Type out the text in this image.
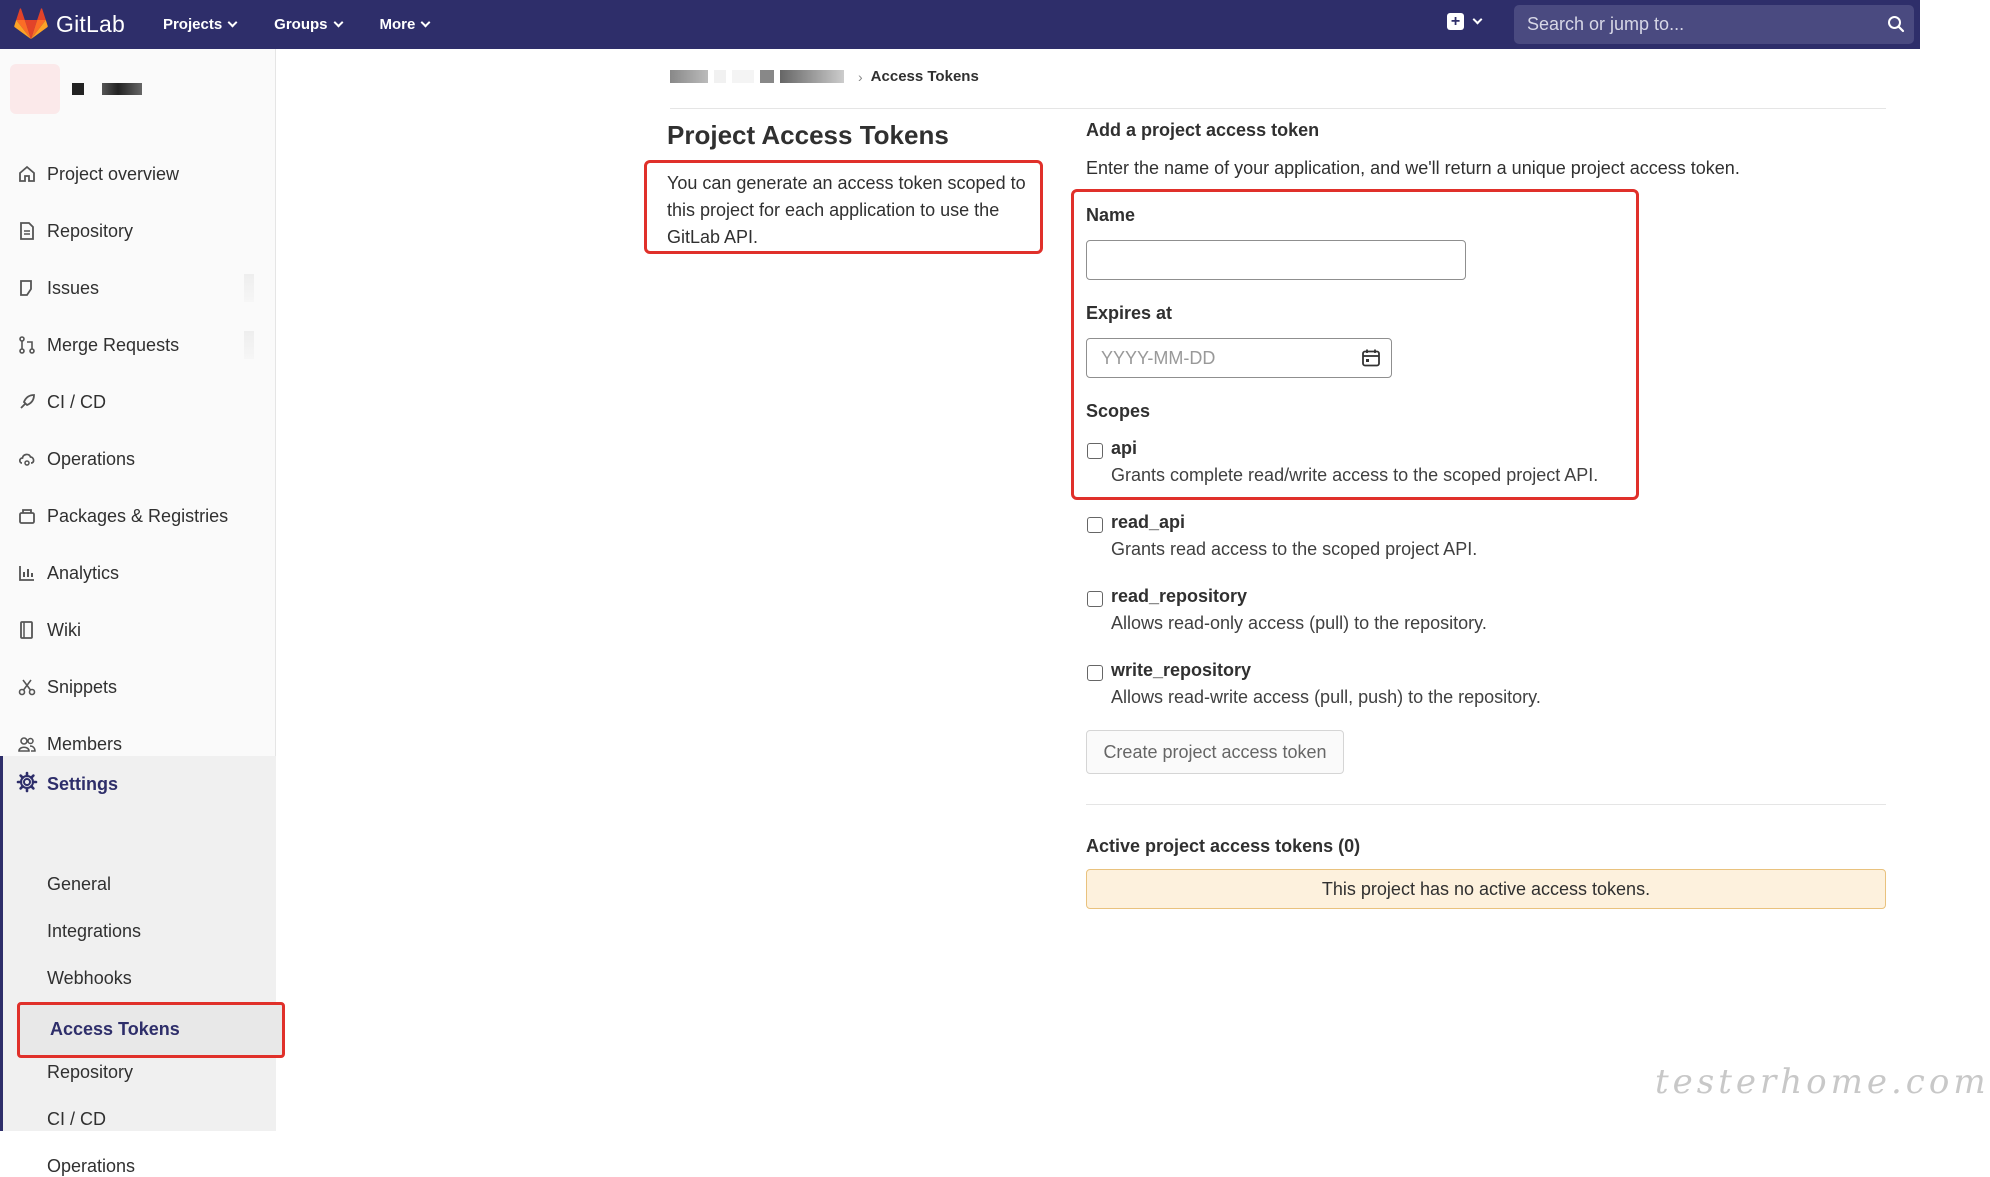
GitLab	Projects	Groups	More	+
Search or jump to...
Project overview
Repository
Issues
Merge Requests
CI / CD
Operations
Packages & Registries
Analytics
Wiki
Snippets
Members
Settings
General
Integrations
Webhooks
Access Tokens
Repository
CI / CD
Operations
› Access Tokens
Project Access Tokens
You can generate an access token scoped to this project for each application to use the GitLab API.
Add a project access token
Enter the name of your application, and we'll return a unique project access token.
Name
Expires at
YYYY-MM-DD
Scopes
api
Grants complete read/write access to the scoped project API.
read_api
Grants read access to the scoped project API.
read_repository
Allows read-only access (pull) to the repository.
write_repository
Allows read-write access (pull, push) to the repository.
Create project access token
Active project access tokens (0)
This project has no active access tokens.
testerhome.com
